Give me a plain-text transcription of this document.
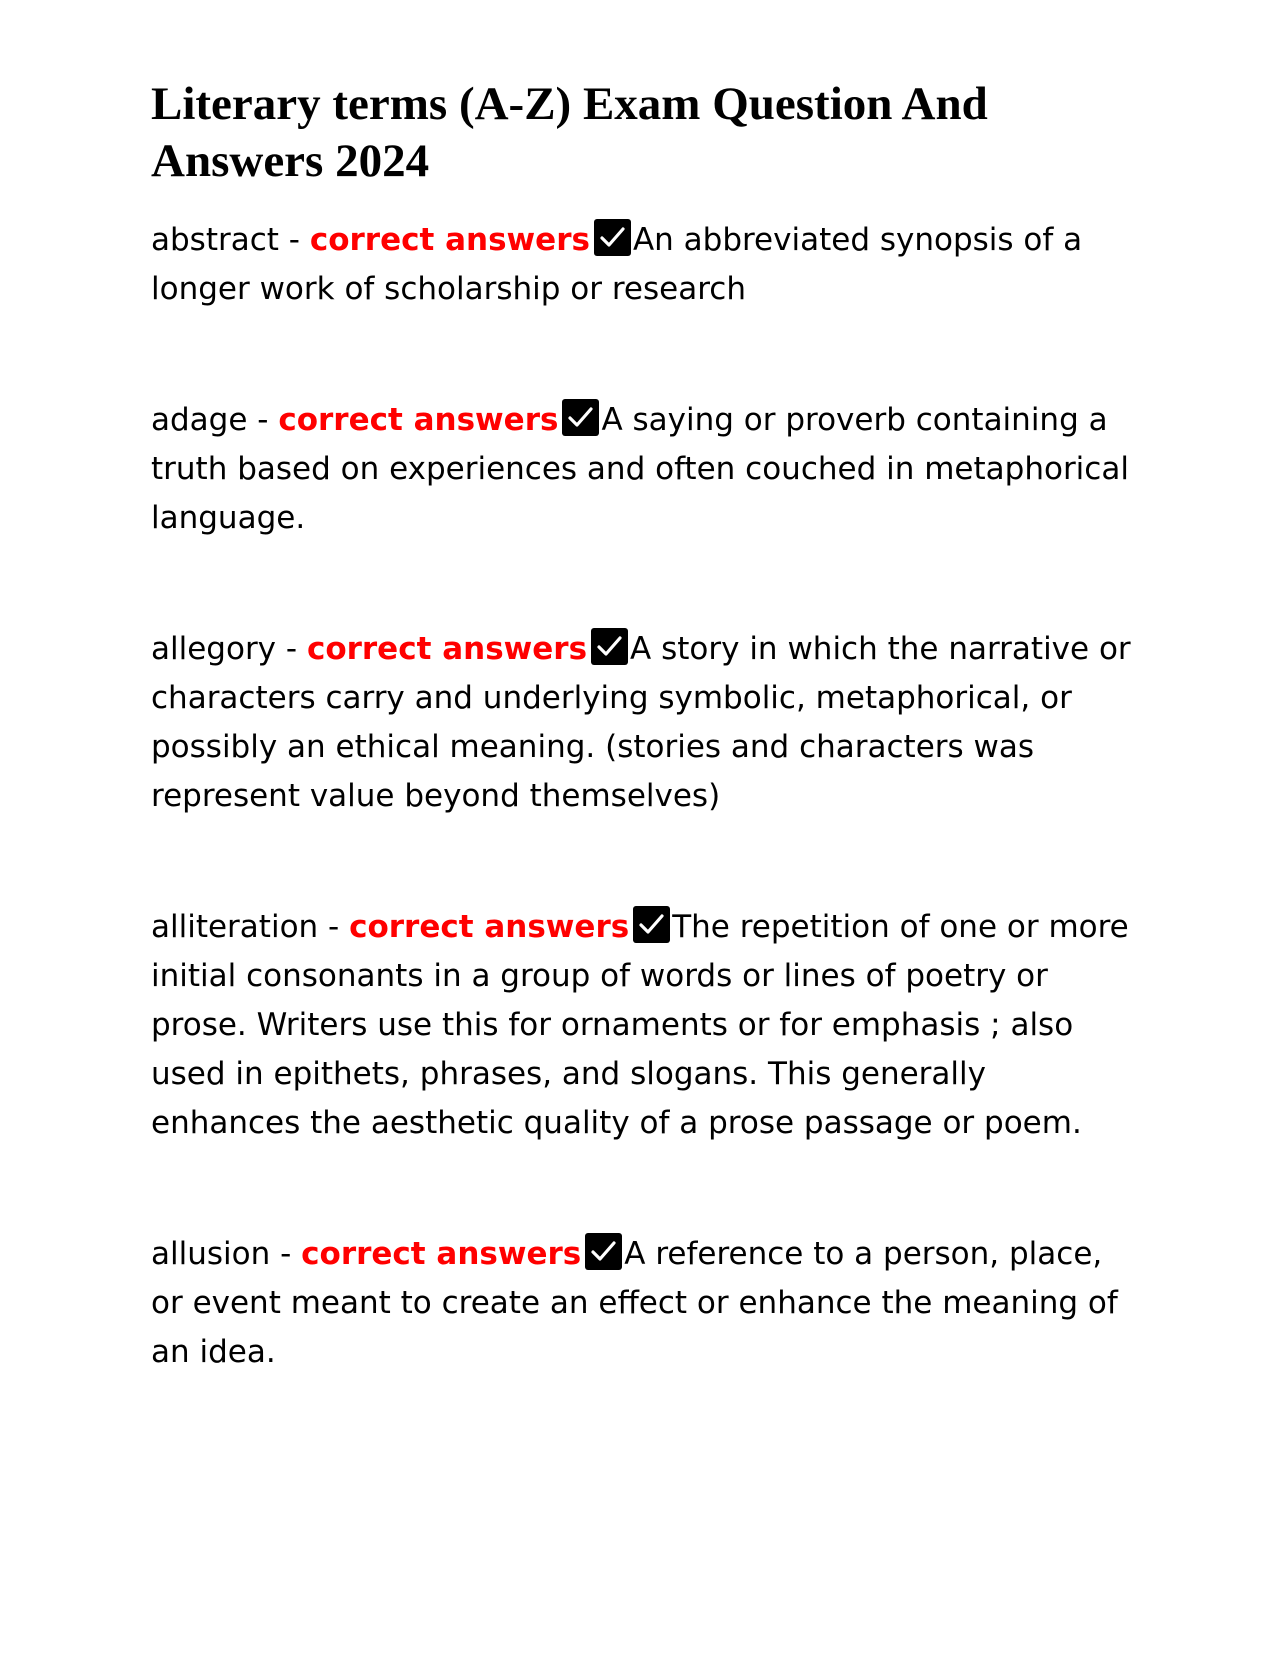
Literary terms (A-Z) Exam Question And Answers 2024

abstract - correct answers An abbreviated synopsis of a longer work of scholarship or research

adage - correct answers A saying or proverb containing a truth based on experiences and often couched in metaphorical language.

allegory - correct answers A story in which the narrative or characters carry and underlying symbolic, metaphorical, or possibly an ethical meaning. (stories and characters was represent value beyond themselves)

alliteration - correct answers The repetition of one or more initial consonants in a group of words or lines of poetry or prose. Writers use this for ornaments or for emphasis ; also used in epithets, phrases, and slogans. This generally enhances the aesthetic quality of a prose passage or poem.

allusion - correct answers A reference to a person, place, or event meant to create an effect or enhance the meaning of an idea.
